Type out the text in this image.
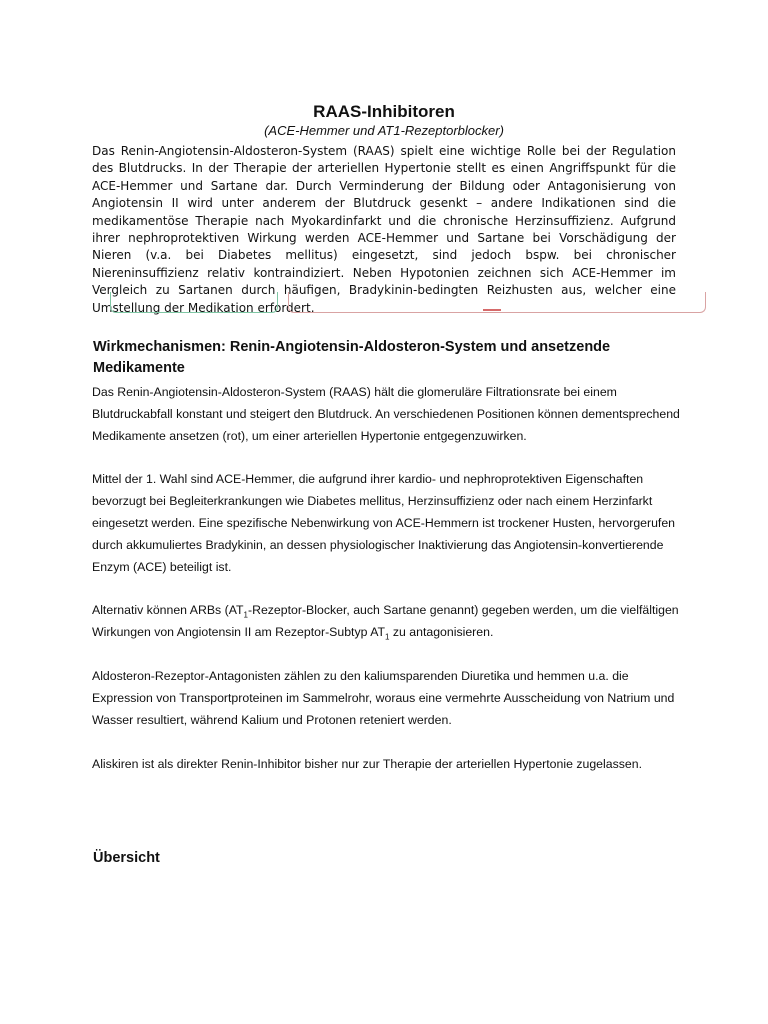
RAAS-Inhibitoren
(ACE-Hemmer und AT1-Rezeptorblocker)

Das Renin-Angiotensin-Aldosteron-System (RAAS) spielt eine wichtige Rolle bei der Regulation des Blutdrucks. In der Therapie der arteriellen Hypertonie stellt es einen Angriffspunkt für die ACE-Hemmer und Sartane dar. Durch Verminderung der Bildung oder Antagonisierung von Angiotensin II wird unter anderem der Blutdruck gesenkt – andere Indikationen sind die medikamentöse Therapie nach Myokardinfarkt und die chronische Herzinsuffizienz. Aufgrund ihrer nephroprotektiven Wirkung werden ACE-Hemmer und Sartane bei Vorschädigung der Nieren (v.a. bei Diabetes mellitus) eingesetzt, sind jedoch bspw. bei chronischer Niereninsuffizienz relativ kontraindiziert. Neben Hypotonien zeichnen sich ACE-Hemmer im Vergleich zu Sartanen durch häufigen, Bradykinin-bedingten Reizhusten aus, welcher eine Umstellung der Medikation erfordert.

Wirkmechanismen: Renin-Angiotensin-Aldosteron-System und ansetzende Medikamente

Das Renin-Angiotensin-Aldosteron-System (RAAS) hält die glomeruläre Filtrationsrate bei einem Blutdruckabfall konstant und steigert den Blutdruck. An verschiedenen Positionen können dementsprechend Medikamente ansetzen (rot), um einer arteriellen Hypertonie entgegenzuwirken.

Mittel der 1. Wahl sind ACE-Hemmer, die aufgrund ihrer kardio- und nephroprotektiven Eigenschaften bevorzugt bei Begleiterkrankungen wie Diabetes mellitus, Herzinsuffizienz oder nach einem Herzinfarkt eingesetzt werden. Eine spezifische Nebenwirkung von ACE-Hemmern ist trockener Husten, hervorgerufen durch akkumuliertes Bradykinin, an dessen physiologischer Inaktivierung das Angiotensin-konvertierende Enzym (ACE) beteiligt ist.

Alternativ können ARBs ($AT_1-Rezeptor$-Blocker, auch Sartane genannt) gegeben werden, um die vielfältigen Wirkungen von Angiotensin II am Rezeptor-Subtyp $AT_1$ zu antagonisieren.

Aldosteron-Rezeptor-Antagonisten zählen zu den kaliumsparenden Diuretika und hemmen u.a. die Expression von Transportproteinen im Sammelrohr, woraus eine vermehrte Ausscheidung von Natrium und Wasser resultiert, während Kalium und Protonen reteniert werden.

Aliskiren ist als direkter Renin-Inhibitor bisher nur zur Therapie der arteriellen Hypertonie zugelassen.

Übersicht
